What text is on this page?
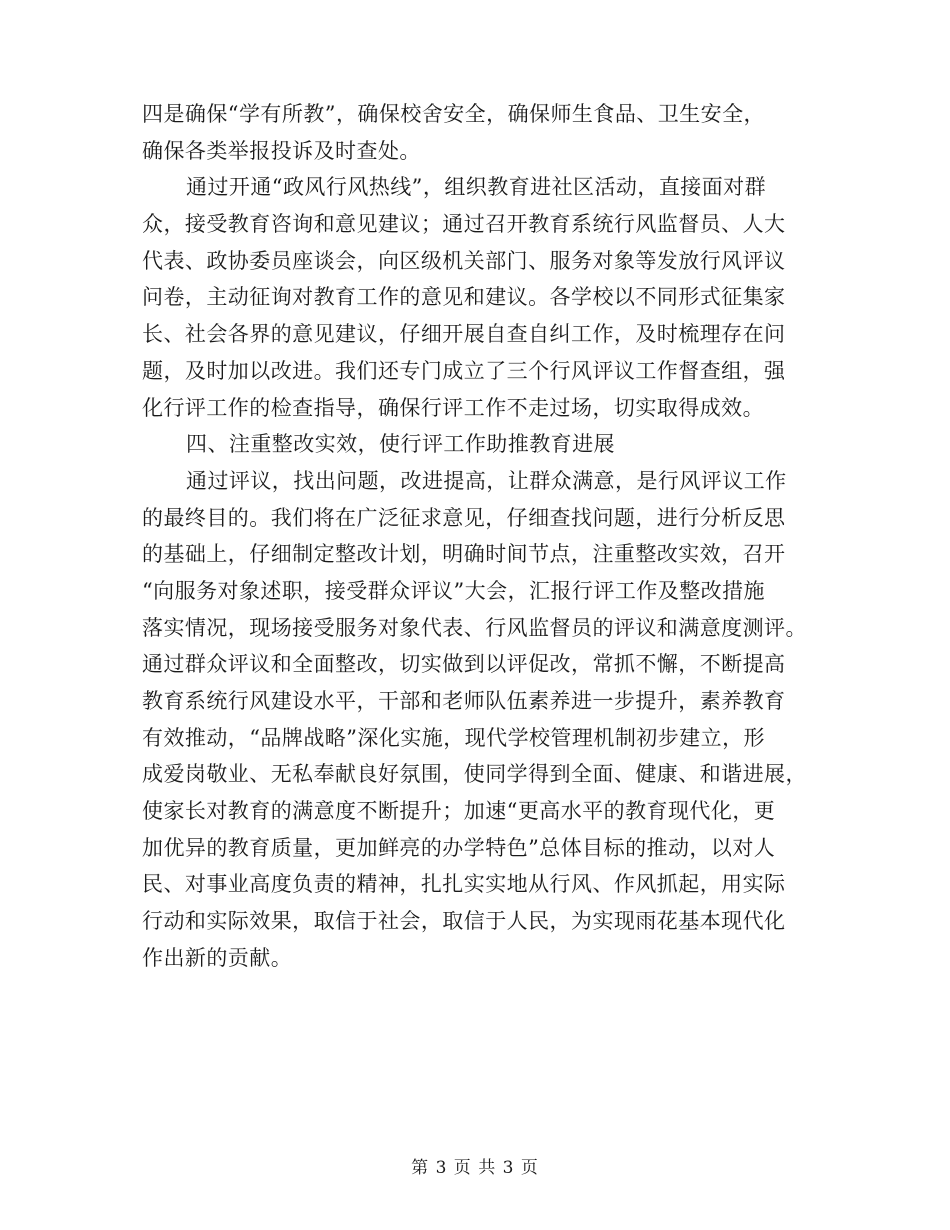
四是确保“学有所教”，确保校舍安全，确保师生食品、卫生安全，
确保各类举报投诉及时查处。
通过开通“政风行风热线”，组织教育进社区活动，直接面对群
众，接受教育咨询和意见建议；通过召开教育系统行风监督员、人大
代表、政协委员座谈会，向区级机关部门、服务对象等发放行风评议
问卷，主动征询对教育工作的意见和建议。各学校以不同形式征集家
长、社会各界的意见建议，仔细开展自查自纠工作，及时梳理存在问
题，及时加以改进。我们还专门成立了三个行风评议工作督查组，强
化行评工作的检查指导，确保行评工作不走过场，切实取得成效。
四、注重整改实效，使行评工作助推教育进展
通过评议，找出问题，改进提高，让群众满意，是行风评议工作
的最终目的。我们将在广泛征求意见，仔细查找问题，进行分析反思
的基础上，仔细制定整改计划，明确时间节点，注重整改实效，召开
“向服务对象述职，接受群众评议”大会，汇报行评工作及整改措施
落实情况，现场接受服务对象代表、行风监督员的评议和满意度测评。
通过群众评议和全面整改，切实做到以评促改，常抓不懈，不断提高
教育系统行风建设水平，干部和老师队伍素养进一步提升，素养教育
有效推动，“品牌战略”深化实施，现代学校管理机制初步建立，形
成爱岗敬业、无私奉献良好氛围，使同学得到全面、健康、和谐进展，
使家长对教育的满意度不断提升；加速“更高水平的教育现代化，更
加优异的教育质量，更加鲜亮的办学特色”总体目标的推动，以对人
民、对事业高度负责的精神，扎扎实实地从行风、作风抓起，用实际
行动和实际效果，取信于社会，取信于人民，为实现雨花基本现代化
作出新的贡献。
第 3 页 共 3 页
